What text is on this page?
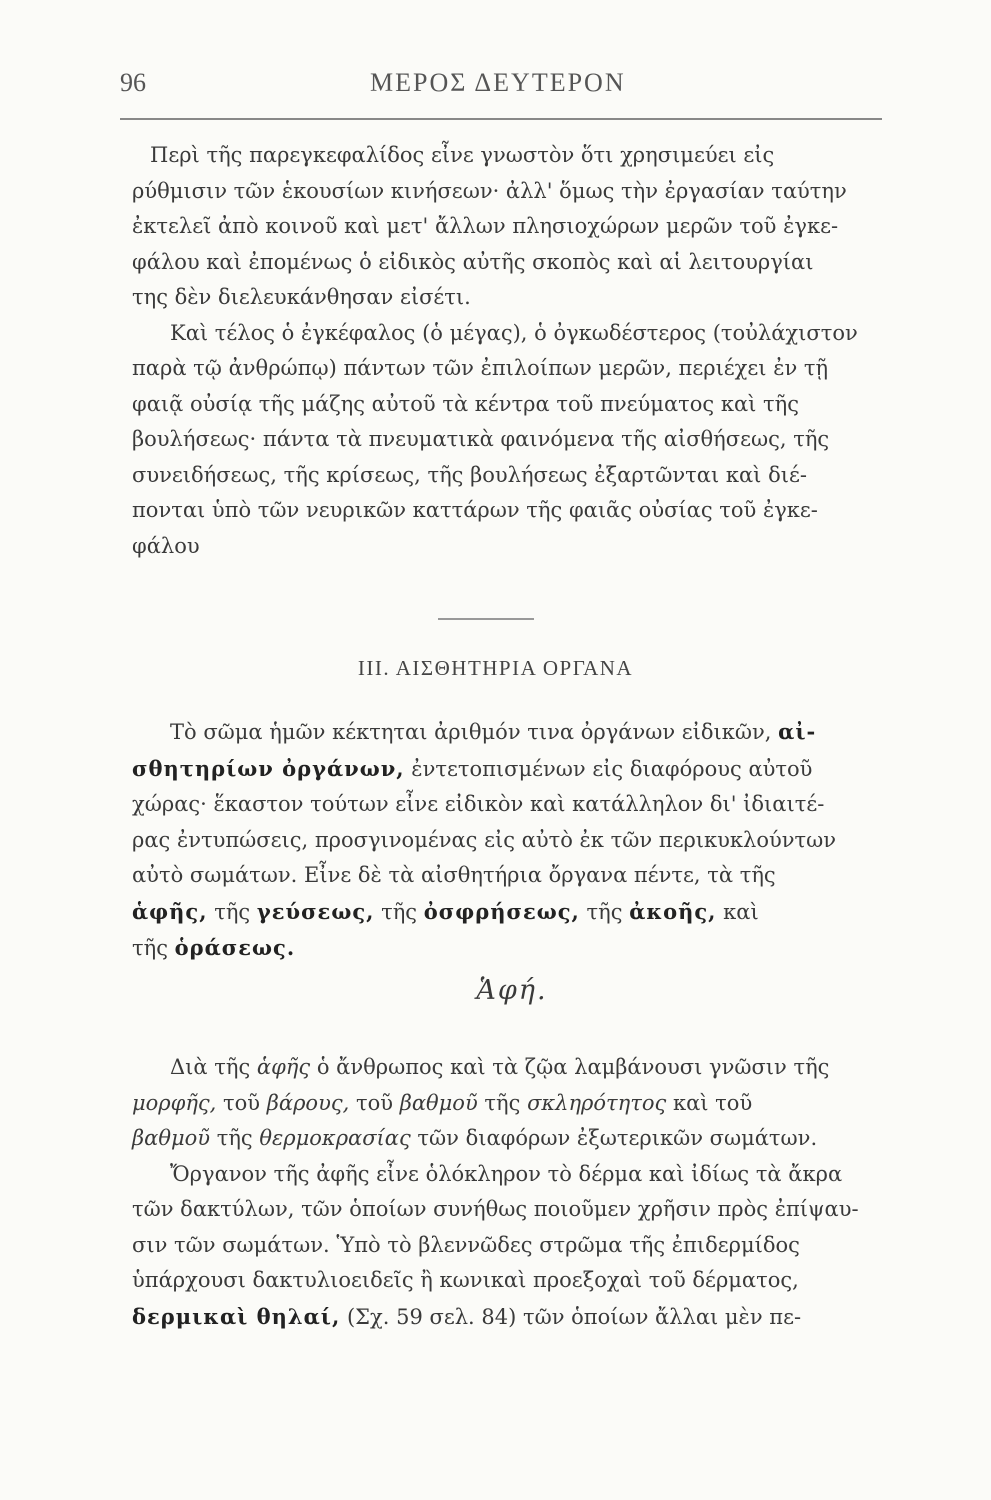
96	ΜΕΡΟΣ ΔΕΥΤΕΡΟΝ
Περὶ τῆς παρεγκεφαλίδος εἶνε γνωστὸν ὅτι χρησιμεύει εἰς
ρύθμισιν τῶν ἑκουσίων κινήσεων· ἀλλ' ὅμως τὴν ἐργασίαν ταύτην
ἐκτελεῖ ἀπὸ κοινοῦ καὶ μετ' ἄλλων πλησιοχώρων μερῶν τοῦ ἐγκε-
φάλου καὶ ἐπομένως ὁ εἰδικὸς αὐτῆς σκοπὸς καὶ αἱ λειτουργίαι
της δὲν διελευκάνθησαν εἰσέτι.
Καὶ τέλος ὁ ἐγκέφαλος (ὁ μέγας), ὁ ὀγκωδέστερος (τοὐλάχιστον
παρὰ τῷ ἀνθρώπῳ) πάντων τῶν ἐπιλοίπων μερῶν, περιέχει ἐν τῇ
φαιᾷ οὐσίᾳ τῆς μάζης αὐτοῦ τὰ κέντρα τοῦ πνεύματος καὶ τῆς
βουλήσεως· πάντα τὰ πνευματικὰ φαινόμενα τῆς αἰσθήσεως, τῆς
συνειδήσεως, τῆς κρίσεως, τῆς βουλήσεως ἐξαρτῶνται καὶ διέ-
πονται ὑπὸ τῶν νευρικῶν καττάρων τῆς φαιᾶς οὐσίας τοῦ ἐγκε-
φάλου
ΙΙΙ. ΑΙΣΘΗΤΗΡΙΑ ΟΡΓΑΝΑ
Τὸ σῶμα ἡμῶν κέκτηται ἀριθμόν τινα ὀργάνων εἰδικῶν, αἰ-
σθητηρίων ὀργάνων, ἐντετοπισμένων εἰς διαφόρους αὐτοῦ
χώρας· ἕκαστον τούτων εἶνε εἰδικὸν καὶ κατάλληλον δι' ἰδιαιτέ-
ρας ἐντυπώσεις, προσγινομένας εἰς αὐτὸ ἐκ τῶν περικυκλούντων
αὐτὸ σωμάτων. Εἶνε δὲ τὰ αἰσθητήρια ὄργανα πέντε, τὰ τῆς
ἁφῆς, τῆς γεύσεως, τῆς ὀσφρήσεως, τῆς ἀκοῆς, καὶ
τῆς ὁράσεως.
Ἁφή.
Διὰ τῆς ἁφῆς ὁ ἄνθρωπος καὶ τὰ ζῷα λαμβάνουσι γνῶσιν τῆς
μορφῆς, τοῦ βάρους, τοῦ βαθμοῦ τῆς σκληρότητος καὶ τοῦ
βαθμοῦ τῆς θερμοκρασίας τῶν διαφόρων ἐξωτερικῶν σωμάτων.
Ὄργανον τῆς ἀφῆς εἶνε ὁλόκληρον τὸ δέρμα καὶ ἰδίως τὰ ἄκρα
τῶν δακτύλων, τῶν ὁποίων συνήθως ποιοῦμεν χρῆσιν πρὸς ἐπίψαυ-
σιν τῶν σωμάτων. Ὑπὸ τὸ βλεννῶδες στρῶμα τῆς ἐπιδερμίδος
ὑπάρχουσι δακτυλιοειδεῖς ἢ κωνικαὶ προεξοχαὶ τοῦ δέρματος,
δερμικαὶ θηλαί, (Σχ. 59 σελ. 84) τῶν ὁποίων ἄλλαι μὲν πε-
